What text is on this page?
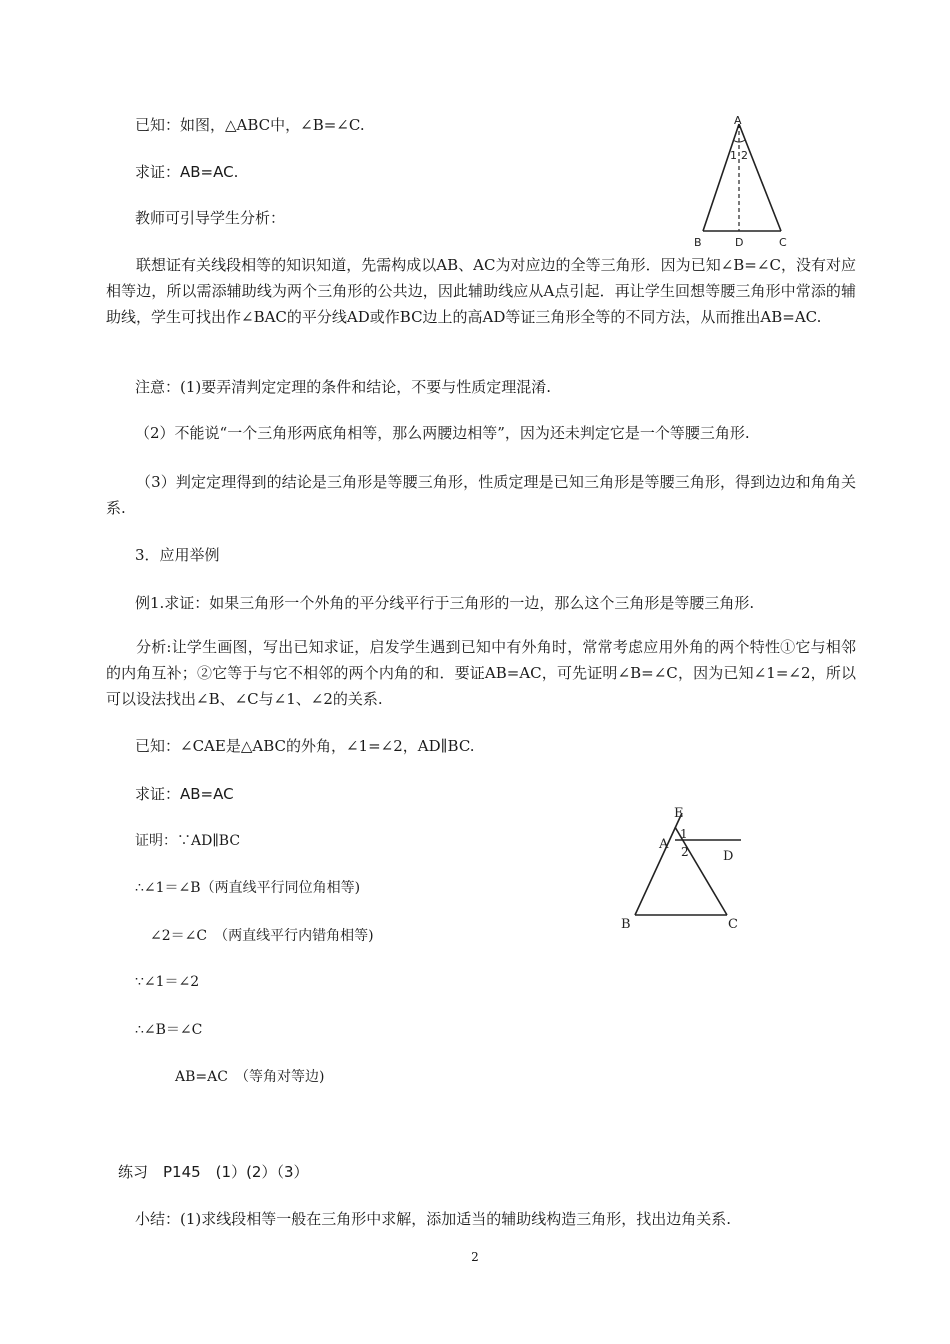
已知：如图，△ABC中，∠B=∠C.
求证：AB=AC.
教师可引导学生分析：
A
B	D	C
1 2
联想证有关线段相等的知识知道，先需构成以AB、AC为对应边的全等三角形．因为已知∠B=∠C，没有对应相等边，所以需添辅助线为两个三角形的公共边，因此辅助线应从A点引起．再让学生回想等腰三角形中常添的辅助线，学生可找出作∠BAC的平分线AD或作BC边上的高AD等证三角形全等的不同方法，从而推出AB=AC.
注意：(1)要弄清判定定理的条件和结论，不要与性质定理混淆.
（2）不能说“一个三角形两底角相等，那么两腰边相等”，因为还未判定它是一个等腰三角形.
（3）判定定理得到的结论是三角形是等腰三角形，性质定理是已知三角形是等腰三角形，得到边边和角角关系.
3．应用举例
例1.求证：如果三角形一个外角的平分线平行于三角形的一边，那么这个三角形是等腰三角形.
分析:让学生画图，写出已知求证，启发学生遇到已知中有外角时，常常考虑应用外角的两个特性①它与相邻的内角互补；②它等于与它不相邻的两个内角的和．要证AB=AC，可先证明∠B=∠C，因为已知∠1=∠2，所以可以设法找出∠B、∠C与∠1、∠2的关系.
已知：∠CAE是△ABC的外角，∠1=∠2，AD∥BC.
求证：AB=AC
证明：∵AD∥BC
∴∠1＝∠B（两直线平行同位角相等)
∠2＝∠C　（两直线平行内错角相等)
∵∠1＝∠2
∴∠B＝∠C
AB=AC　（等角对等边)
E
A
1
2	D
B	C
练习　P145　(1）(2）（3）
小结：(1)求线段相等一般在三角形中求解，添加适当的辅助线构造三角形，找出边角关系.
2
